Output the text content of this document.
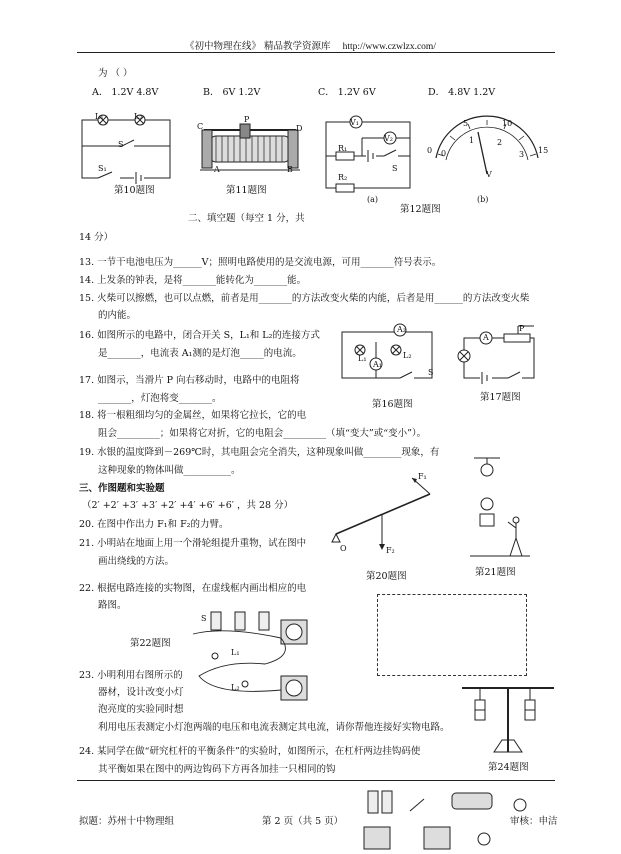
《初中物理在线》 精品教学资源库 http://www.czwlzx.com/
为 （ ）
A． 1.2V 4.8V	B． 6V 1.2V	C． 1.2V 6V	D． 4.8V 1.2V
L₁	L₂
S
S₁
第10题图
C
P
D
A	B
第11题图
V₁
V₂
R₁
S
R₂
(a)
0
5	10
15
0
1	2
3
V
(b)
第12题图
二、填空题（每空 1 分，共
14 分）
13. 一节干电池电压为______V；照明电路使用的是交流电源，可用_______符号表示。
14. 上发条的钟表，是将_______能转化为_______能。
15. 火柴可以擦燃，也可以点燃，前者是用_______的方法改变火柴的内能，后者是用______的方法改变火柴
的内能。
16. 如图所示的电路中，闭合开关 S，L₁和 L₂的连接方式
是_______，电流表 A₁测的是灯泡_____的电流。
A₂
L₁	L₂
A₁
S
第16题图
A
P
第17题图
17. 如图示，当滑片 P 向右移动时，电路中的电阻将
_______，灯泡将变_______。
18. 将一根粗细均匀的金属丝，如果将它拉长，它的电
阻会_________；如果将它对折，它的电阻会_________（填“变大”或“变小”）。
19. 水银的温度降到－269℃时，其电阻会完全消失，这种现象叫做________现象，有
这种现象的物体叫做__________。
三、作图题和实验题
（2′ +2′ +3′ +3′ +2′ +4′ +6′ +6′ ，共 28 分）
20. 在图中作出力 F₁和 F₂的力臂。
21. 小明站在地面上用一个滑轮组提升重物，试在图中
画出绕线的方法。
22. 根据电路连接的实物图，在虚线框内画出相应的电
路图。
F₁
F₂
O
第20题图	第21题图
第22题图
S
L₁
L₂
23. 小明利用右图所示的
器材，设计改变小灯
泡亮度的实验同时想
利用电压表测定小灯泡两端的电压和电流表测定其电流，请你帮他连接好实物电路。
第24题图
24. 某同学在做“研究杠杆的平衡条件”的实验时，如图所示，在杠杆两边挂钩码使
其平衡如果在图中的两边钩码下方再各加挂一只相同的钩
拟题：苏州十中物理组	第 2 页（共 5 页）	审核：申洁
